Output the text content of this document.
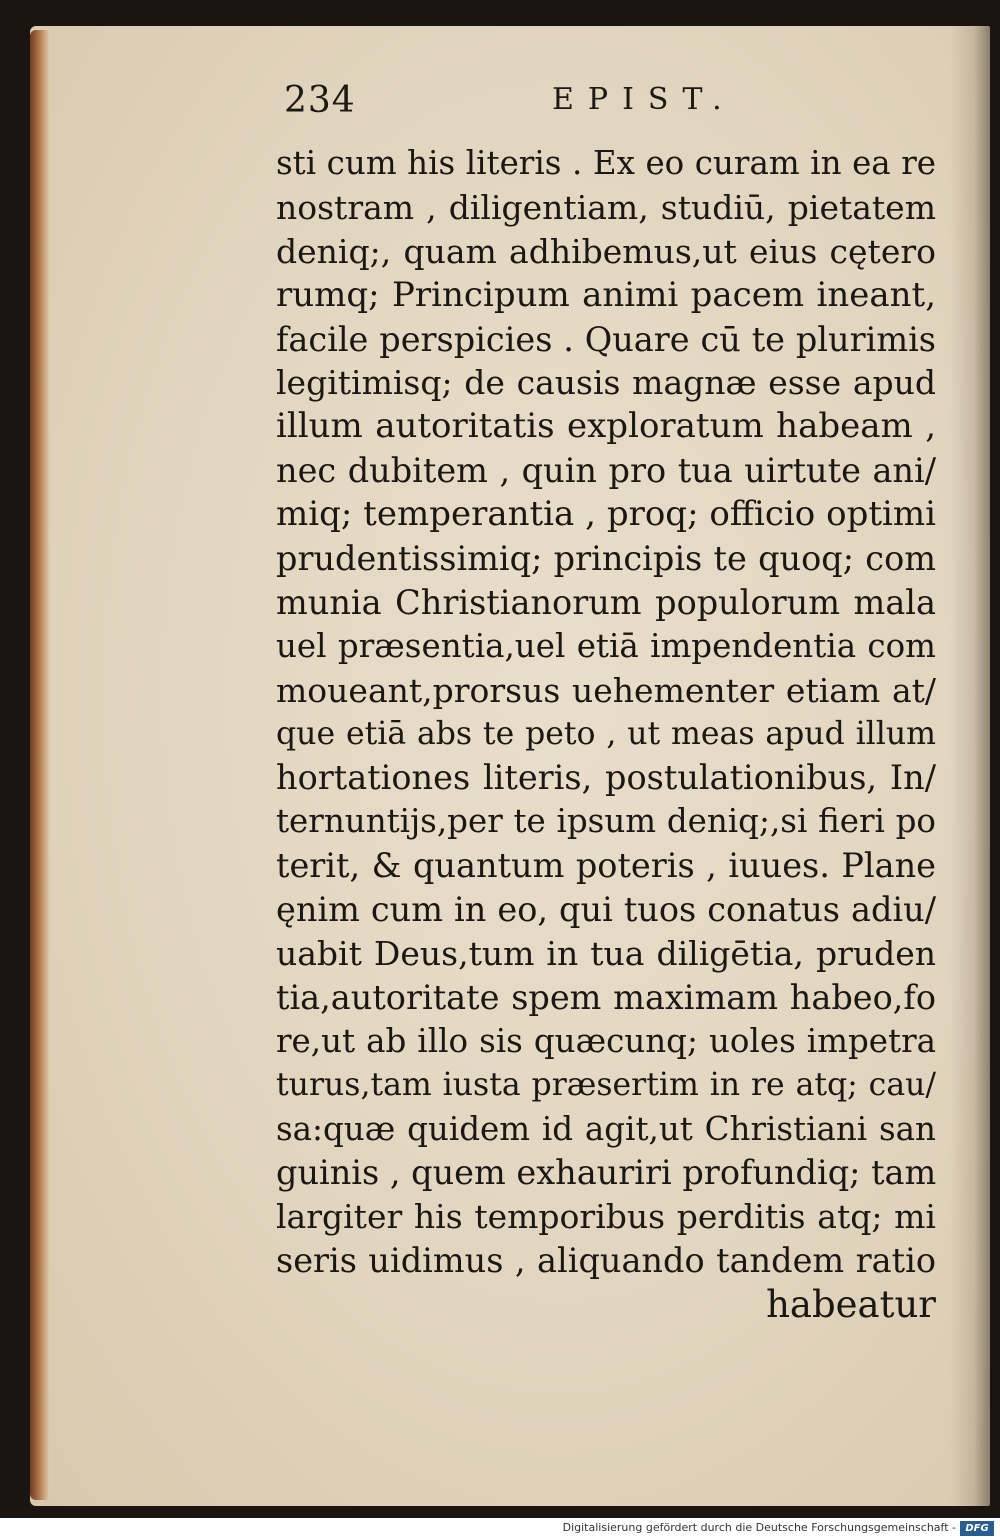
234	EPIST.
sti cum his literis . Ex eo curam in ea re
nostram , diligentiam, studiū, pietatem
deniq;, quam adhibemus,ut eius cętero
rumq; Principum animi pacem ineant,
facile perspicies . Quare cū te plurimis
legitimisq; de causis magnæ esse apud
illum autoritatis exploratum habeam ,
nec dubitem , quin pro tua uirtute ani/
miq; temperantia , proq; officio optimi
prudentissimiq; principis te quoq; com
munia Christianorum populorum mala
uel præsentia,uel etiā impendentia com
moueant,prorsus uehementer etiam at/
que etiā abs te peto , ut meas apud illum
hortationes literis, postulationibus, In/
ternuntijs,per te ipsum deniq;,si fieri po
terit, & quantum poteris , iuues. Plane
ęnim cum in eo, qui tuos conatus adiu/
uabit Deus,tum in tua diligētia, pruden
tia,autoritate spem maximam habeo,fo
re,ut ab illo sis quæcunq; uoles impetra
turus,tam iusta præsertim in re atq; cau/
sa:quæ quidem id agit,ut Christiani san
guinis , quem exhauriri profundiq; tam
largiter his temporibus perditis atq; mi
seris uidimus , aliquando tandem ratio
habeatur
Digitalisierung gefördert durch die Deutsche Forschungsgemeinschaft - DFG
